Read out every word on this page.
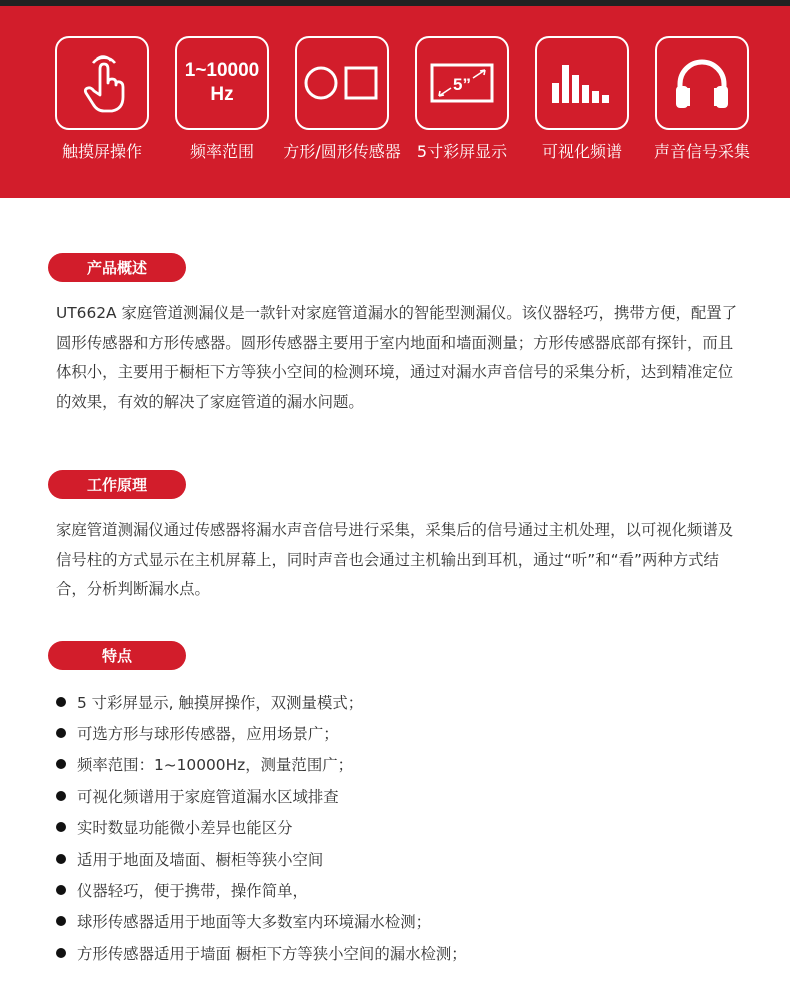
触摸屏操作
1~10000
Hz
频率范围	方形/圆形传感器
5”
5寸彩屏显示	可视化频谱	声音信号采集
产品概述
UT662A 家庭管道测漏仪是一款针对家庭管道漏水的智能型测漏仪。该仪器轻巧，携带方便，配置了圆形传感器和方形传感器。圆形传感器主要用于室内地面和墙面测量；方形传感器底部有探针，而且体积小，主要用于橱柜下方等狭小空间的检测环境，通过对漏水声音信号的采集分析，达到精准定位的效果，有效的解决了家庭管道的漏水问题。
工作原理
家庭管道测漏仪通过传感器将漏水声音信号进行采集，采集后的信号通过主机处理，以可视化频谱及信号柱的方式显示在主机屏幕上，同时声音也会通过主机输出到耳机，通过“听”和“看”两种方式结合，分析判断漏水点。
特点
5 寸彩屏显示, 触摸屏操作，双测量模式；
可选方形与球形传感器，应用场景广；
频率范围：1~10000Hz，测量范围广；
可视化频谱用于家庭管道漏水区域排查
实时数显功能微小差异也能区分
适用于地面及墙面、橱柜等狭小空间
仪器轻巧，便于携带，操作简单，
球形传感器适用于地面等大多数室内环境漏水检测；
方形传感器适用于墙面 橱柜下方等狭小空间的漏水检测；
